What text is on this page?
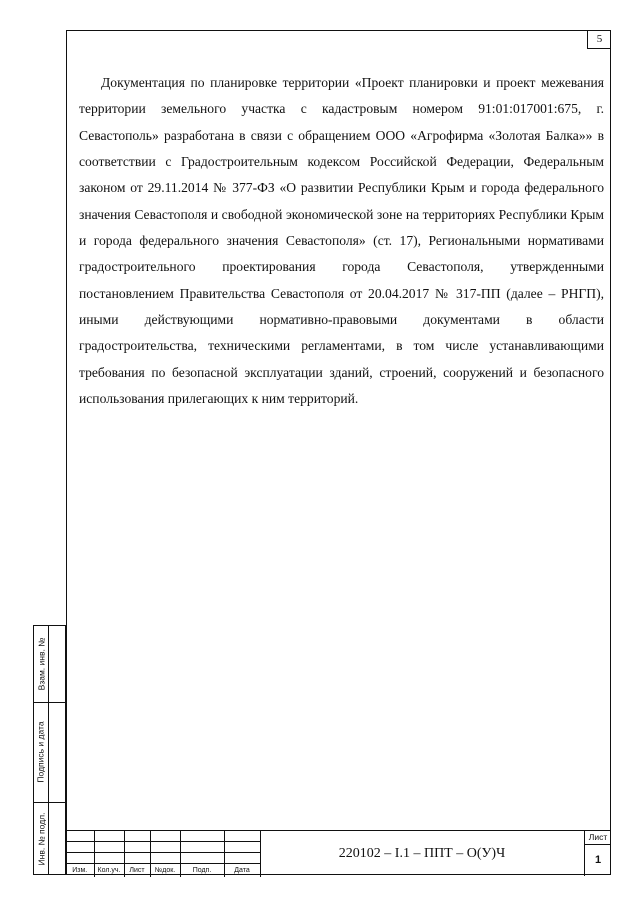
5

Документация по планировке территории «Проект планировки и проект межевания территории земельного участка с кадастровым номером 91:01:017001:675, г. Севастополь» разработана в связи с обращением ООО «Агрофирма «Золотая Балка»» в соответствии с Градостроительным кодексом Российской Федерации, Федеральным законом от 29.11.2014 № 377-ФЗ «О развитии Республики Крым и города федерального значения Севастополя и свободной экономической зоне на территориях Республики Крым и города федерального значения Севастополя» (ст. 17), Региональными нормативами градостроительного проектирования города Севастополя, утвержденными постановлением Правительства Севастополя от 20.04.2017 № 317-ПП (далее – РНГП), иными действующими нормативно-правовыми документами в области градостроительства, техническими регламентами, в том числе устанавливающими требования по безопасной эксплуатации зданий, строений, сооружений и безопасного использования прилегающих к ним территорий.

Взам. инв. №
Подпись и дата
Инв. № подл.

Изм.	Кол.уч.	Лист	№док.	Подп.	Дата
220102 – I.1 – ППТ – О(У)Ч
Лист
1
